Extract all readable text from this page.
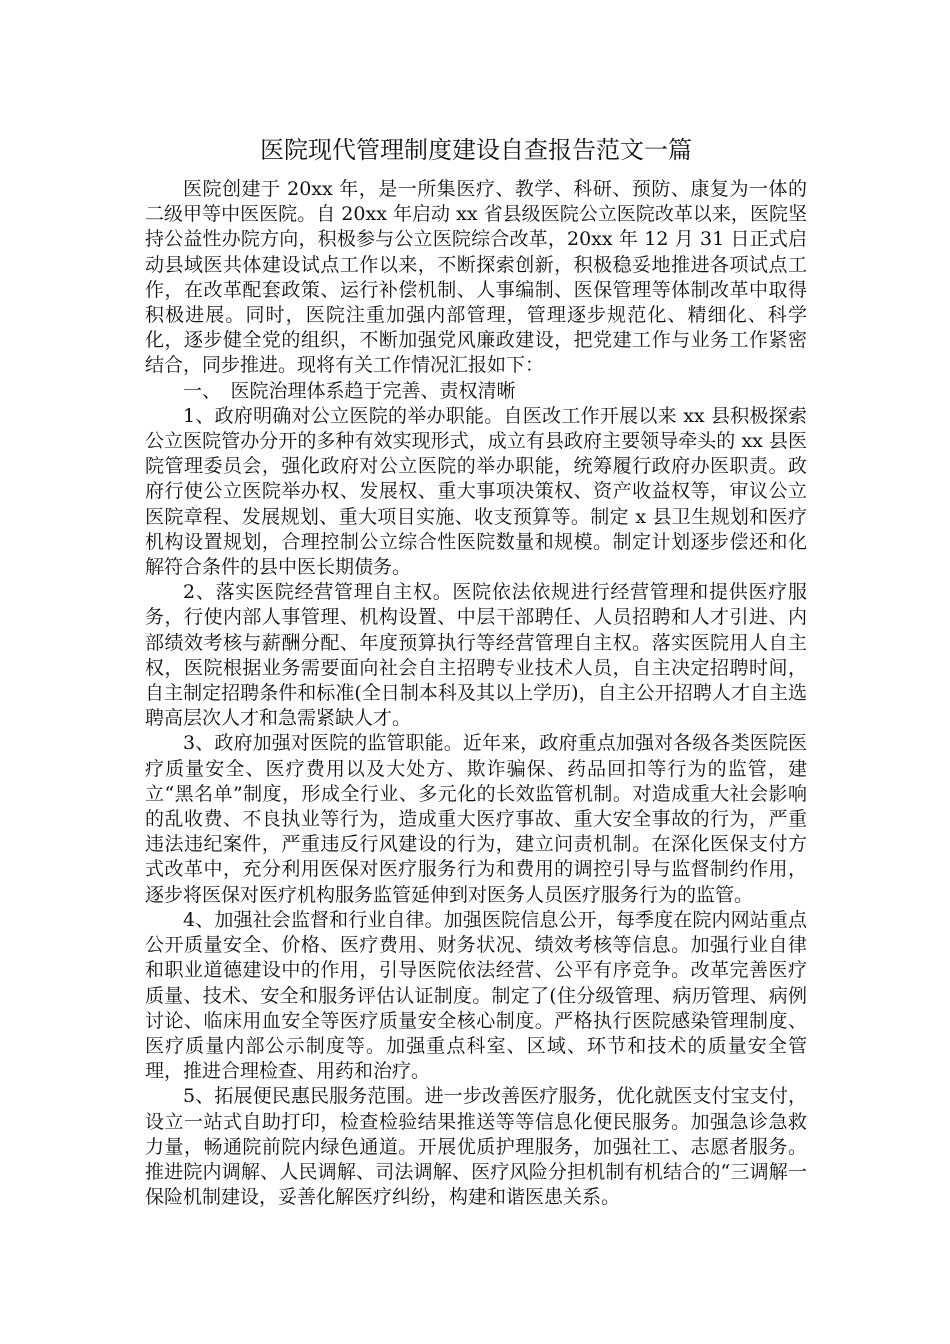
医院现代管理制度建设自查报告范文一篇

医院创建于 20xx 年，是一所集医疗、教学、科研、预防、康复为一体的二级甲等中医医院。自 20xx 年启动 xx 省县级医院公立医院改革以来，医院坚持公益性办院方向，积极参与公立医院综合改革，20xx 年 12 月 31 日正式启动县域医共体建设试点工作以来，不断探索创新，积极稳妥地推进各项试点工作，在改革配套政策、运行补偿机制、人事编制、医保管理等体制改革中取得积极进展。同时，医院注重加强内部管理，管理逐步规范化、精细化、科学化，逐步健全党的组织，不断加强党风廉政建设，把党建工作与业务工作紧密结合，同步推进。现将有关工作情况汇报如下：

一、　医院治理体系趋于完善、责权清晰

1、政府明确对公立医院的举办职能。自医改工作开展以来 xx 县积极探索公立医院管办分开的多种有效实现形式，成立有县政府主要领导牵头的 xx 县医院管理委员会，强化政府对公立医院的举办职能，统筹履行政府办医职责。政府行使公立医院举办权、发展权、重大事项决策权、资产收益权等，审议公立医院章程、发展规划、重大项目实施、收支预算等。制定 x 县卫生规划和医疗机构设置规划，合理控制公立综合性医院数量和规模。制定计划逐步偿还和化解符合条件的县中医长期债务。

2、落实医院经营管理自主权。医院依法依规进行经营管理和提供医疗服务，行使内部人事管理、机构设置、中层干部聘任、人员招聘和人才引进、内部绩效考核与薪酬分配、年度预算执行等经营管理自主权。落实医院用人自主权，医院根据业务需要面向社会自主招聘专业技术人员，自主决定招聘时间，自主制定招聘条件和标准(全日制本科及其以上学历)，自主公开招聘人才自主选聘高层次人才和急需紧缺人才。

3、政府加强对医院的监管职能。近年来，政府重点加强对各级各类医院医疗质量安全、医疗费用以及大处方、欺诈骗保、药品回扣等行为的监管，建立“黑名单”制度，形成全行业、多元化的长效监管机制。对造成重大社会影响的乱收费、不良执业等行为，造成重大医疗事故、重大安全事故的行为，严重违法违纪案件，严重违反行风建设的行为，建立问责机制。在深化医保支付方式改革中，充分利用医保对医疗服务行为和费用的调控引导与监督制约作用，逐步将医保对医疗机构服务监管延伸到对医务人员医疗服务行为的监管。

4、加强社会监督和行业自律。加强医院信息公开，每季度在院内网站重点公开质量安全、价格、医疗费用、财务状况、绩效考核等信息。加强行业自律和职业道德建设中的作用，引导医院依法经营、公平有序竞争。改革完善医疗质量、技术、安全和服务评估认证制度。制定了(住分级管理、病历管理、病例讨论、临床用血安全等医疗质量安全核心制度。严格执行医院感染管理制度、医疗质量内部公示制度等。加强重点科室、区域、环节和技术的质量安全管理，推进合理检查、用药和治疗。

5、拓展便民惠民服务范围。进一步改善医疗服务，优化就医支付宝支付，设立一站式自助打印，检查检验结果推送等等信息化便民服务。加强急诊急救力量，畅通院前院内绿色通道。开展优质护理服务，加强社工、志愿者服务。推进院内调解、人民调解、司法调解、医疗风险分担机制有机结合的“三调解一保险机制建设，妥善化解医疗纠纷，构建和谐医患关系。
